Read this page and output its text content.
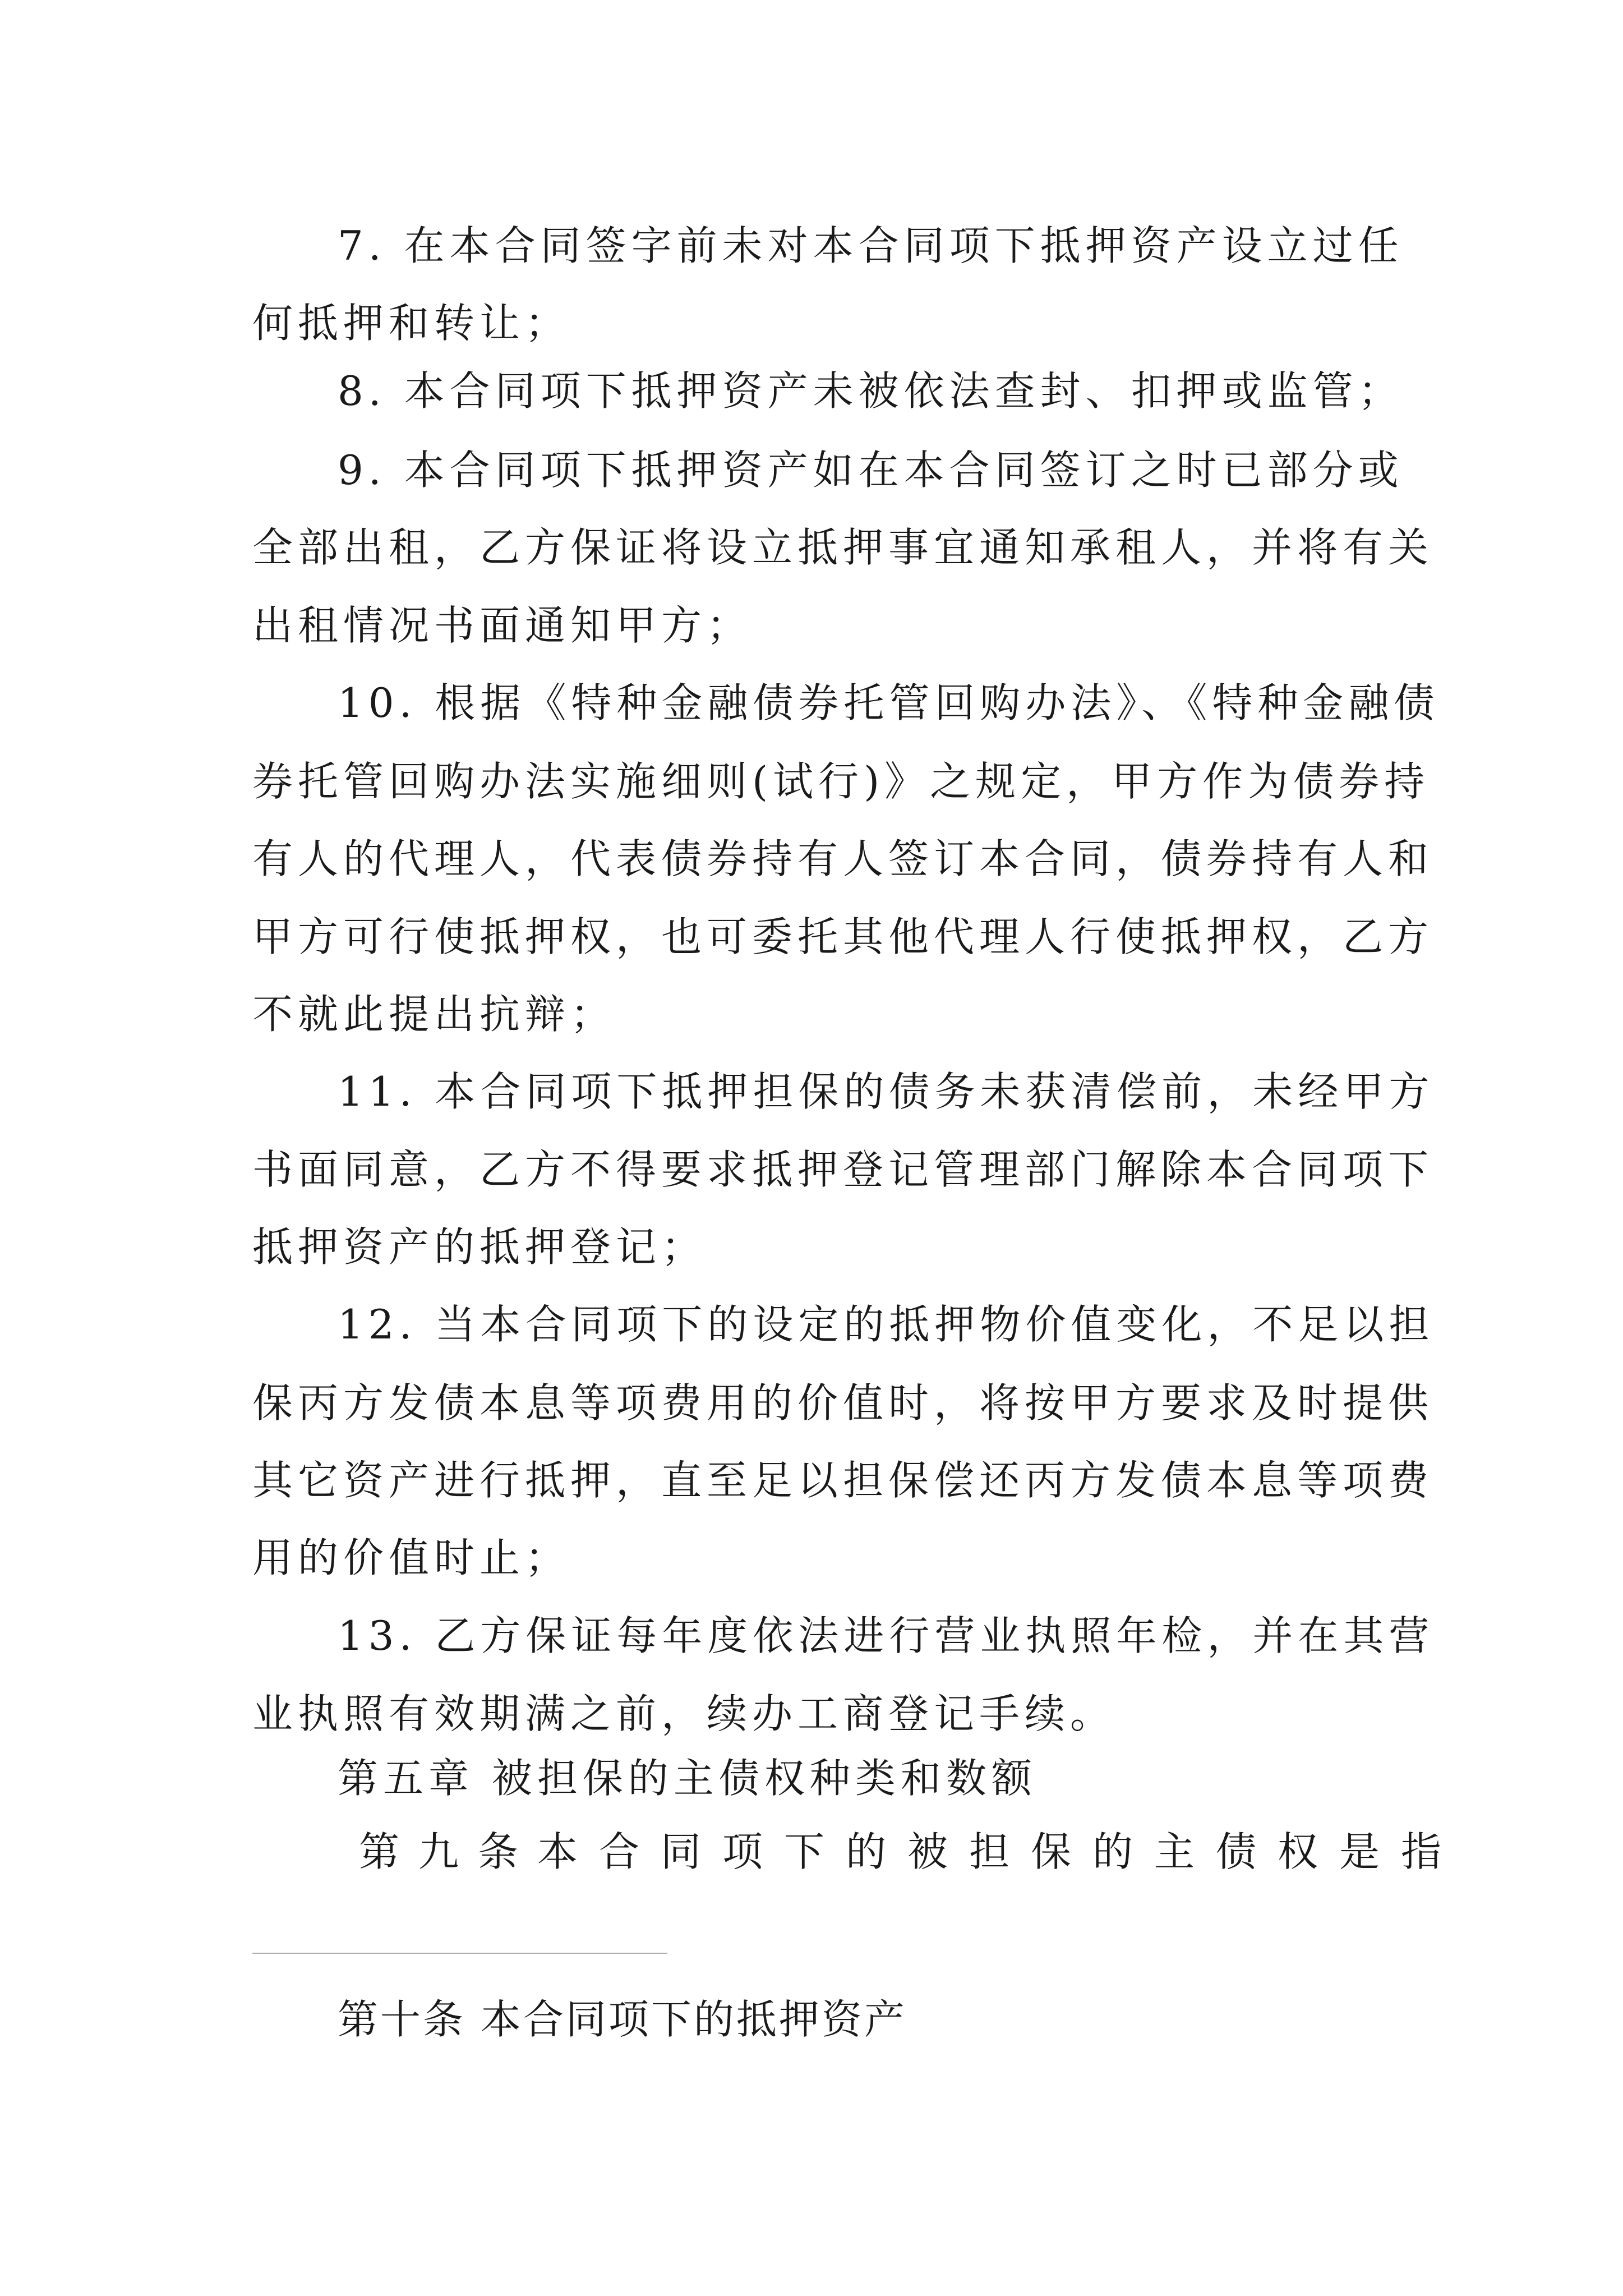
7. 在本合同签字前未对本合同项下抵押资产设立过任
何抵押和转让；
8. 本合同项下抵押资产未被依法查封、扣押或监管；
9. 本合同项下抵押资产如在本合同签订之时已部分或
全部出租，乙方保证将设立抵押事宜通知承租人，并将有关
出租情况书面通知甲方；
10. 根据《特种金融债券托管回购办法》、《特种金融债
券托管回购办法实施细则(试行)》之规定，甲方作为债券持
有人的代理人，代表债券持有人签订本合同，债券持有人和
甲方可行使抵押权，也可委托其他代理人行使抵押权，乙方
不就此提出抗辩；
11. 本合同项下抵押担保的债务未获清偿前，未经甲方
书面同意，乙方不得要求抵押登记管理部门解除本合同项下
抵押资产的抵押登记；
12. 当本合同项下的设定的抵押物价值变化，不足以担
保丙方发债本息等项费用的价值时，将按甲方要求及时提供
其它资产进行抵押，直至足以担保偿还丙方发债本息等项费
用的价值时止；
13. 乙方保证每年度依法进行营业执照年检，并在其营
业执照有效期满之前，续办工商登记手续。
第五章 被担保的主债权种类和数额
第九条 本合同项下的被担保的主债权是指
第十条 本合同项下的抵押资产
